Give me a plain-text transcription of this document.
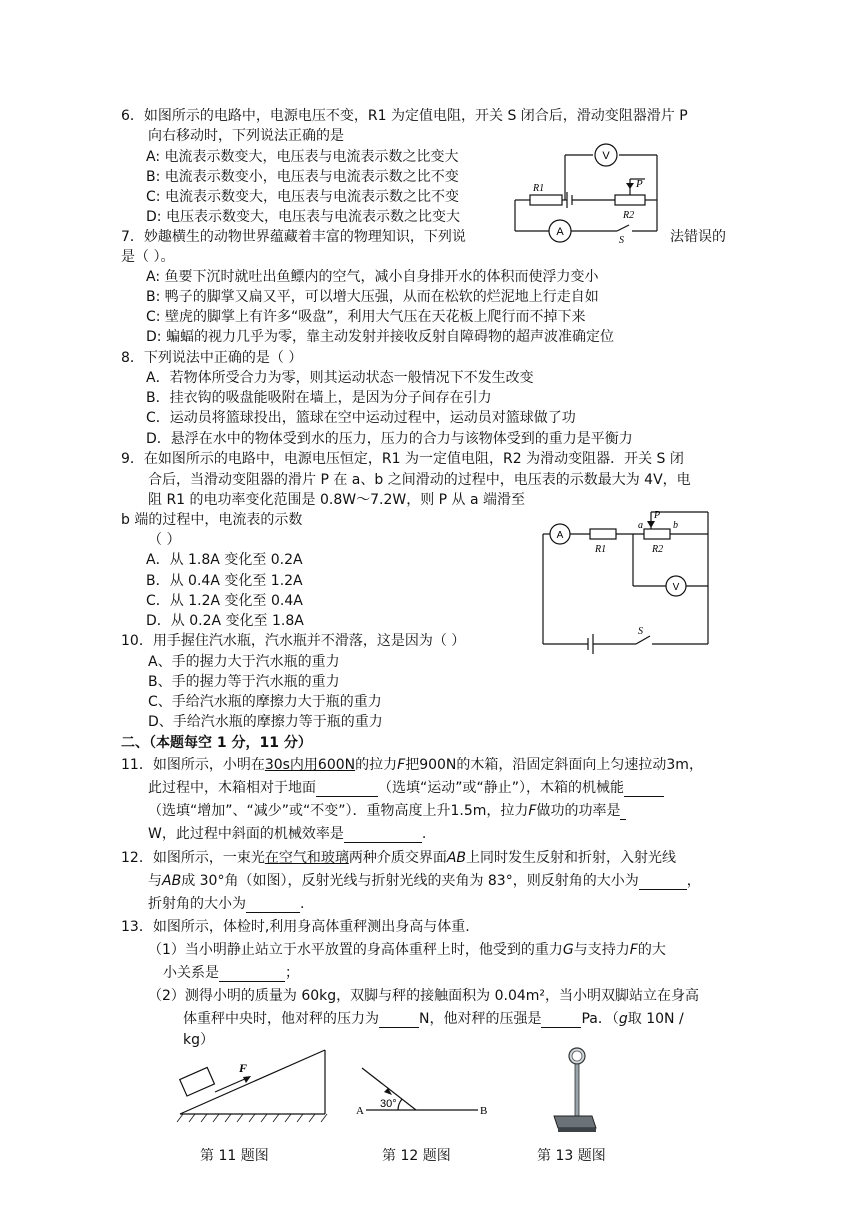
6．如图所示的电路中，电源电压不变，R1 为定值电阻，开关 S 闭合后，滑动变阻器滑片 P
向右移动时，下列说法正确的是
A: 电流表示数变大，电压表与电流表示数之比变大
B: 电流表示数变小，电压表与电流表示数之比不变
C: 电流表示数变大，电压表与电流表示数之比不变
D: 电压表示数变大，电压表与电流表示数之比变大
V
A
R1
R2
P
S
7．妙趣横生的动物世界蕴藏着丰富的物理知识，下列说	法错误的
是（ ）。
A: 鱼要下沉时就吐出鱼鳔内的空气，减小自身排开水的体积而使浮力变小
B: 鸭子的脚掌又扁又平，可以增大压强，从而在松软的烂泥地上行走自如
C: 壁虎的脚掌上有许多“吸盘”，利用大气压在天花板上爬行而不掉下来
D: 蝙蝠的视力几乎为零，靠主动发射并接收反射自障碍物的超声波准确定位
8．下列说法中正确的是（ ）
A．若物体所受合力为零，则其运动状态一般情况下不发生改变
B．挂衣钩的吸盘能吸附在墙上，是因为分子间存在引力
C．运动员将篮球投出，篮球在空中运动过程中，运动员对篮球做了功
D．悬浮在水中的物体受到水的压力，压力的合力与该物体受到的重力是平衡力
9．在如图所示的电路中，电源电压恒定，R1 为一定值电阻，R2 为滑动变阻器．开关 S 闭
合后，当滑动变阻器的滑片 P 在 a、b 之间滑动的过程中，电压表的示数最大为 4V，电
阻 R1 的电功率变化范围是 0.8W～7.2W，则 P 从 a 端滑至
b 端的过程中，电流表的示数
（ ）
A．从 1.8A 变化至 0.2A
B．从 0.4A 变化至 1.2A
C．从 1.2A 变化至 0.4A
D．从 0.2A 变化至 1.8A
A
V
R1	R2
P
a	b
S
10．用手握住汽水瓶，汽水瓶并不滑落，这是因为（ ）
A、手的握力大于汽水瓶的重力
B、手的握力等于汽水瓶的重力
C、手给汽水瓶的摩擦力大于瓶的重力
D、手给汽水瓶的摩擦力等于瓶的重力
二、（本题每空 1 分，11 分）
11．如图所示，小明在30s内用600N的拉力F把900N的木箱，沿固定斜面向上匀速拉动3m，
此过程中，木箱相对于地面	（选填“运动”或“静止”），木箱的机械能
（选填“增加”、“减少”或“不变”）．重物高度上升1.5m，拉力F做功的功率是
W，此过程中斜面的机械效率是	.
12．如图所示，一束光在空气和玻璃两种介质交界面AB上同时发生反射和折射，入射光线
与AB成 30°角（如图），反射光线与折射光线的夹角为 83°，则反射角的大小为	，
折射角的大小为	.
13．如图所示，体检时,利用身高体重秤测出身高与体重.
（1）当小明静止站立于水平放置的身高体重秤上时，他受到的重力G与支持力F的大
小关系是	；
（2）测得小明的质量为 60kg，双脚与秤的接触面积为 0.04m²，当小明双脚站立在身高
体重秤中央时，他对秤的压力为	N，他对秤的压强是	Pa．（g取 10N /
kg）
F
第 11 题图
A	B
30°
第 12 题图	第 13 题图
